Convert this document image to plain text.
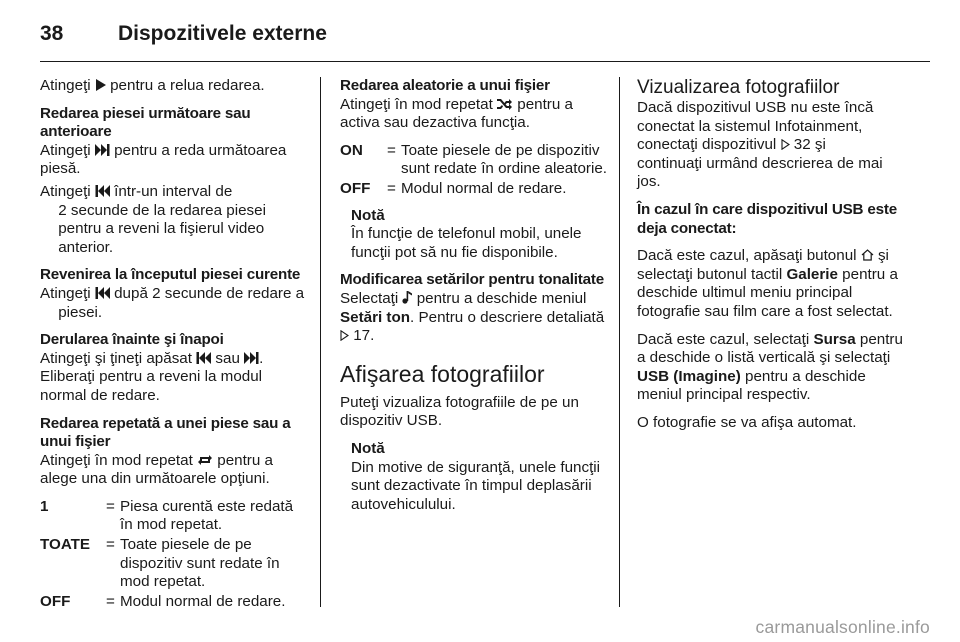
38	Dispozitivele externe

Atingeţi
pentru a relua redarea.

Redarea piesei următoare sau anterioare

Atingeţi
pentru a reda următoarea piesă.

Atingeţi
într-un interval de
2 secunde de la redarea piesei pentru a reveni la fişierul video anterior.

Revenirea la începutul piesei curente

Atingeţi
după 2 secunde de redare a piesei.

Derularea înainte şi înapoi

Atingeţi şi ţineţi apăsat
sau
.
Eliberaţi pentru a reveni la modul normal de redare.

Redarea repetată a unei piese sau a unui fişier

Atingeţi în mod repetat
pentru a alege una din următoarele opţiuni.

1	= Piesa curentă este redată în mod repetat.
TOATE	= Toate piesele de pe dispozitiv sunt redate în mod repetat.
OFF	= Modul normal de redare.
Redarea aleatorie a unui fişier

Atingeţi în mod repetat
pentru a activa sau dezactiva funcţia.

ON	= Toate piesele de pe dispozitiv sunt redate în ordine aleatorie.
OFF	= Modul normal de redare.
Notă
În funcţie de telefonul mobil, unele funcţii pot să nu fie disponibile.
Modificarea setărilor pentru tonalitate

Selectaţi
pentru a deschide meniul Setări ton. Pentru o descriere detaliată
17.

Afişarea fotografiilor

Puteţi vizualiza fotografiile de pe un dispozitiv USB.

Notă
Din motive de siguranţă, unele funcţii sunt dezactivate în timpul deplasării autovehiculului.
Vizualizarea fotografiilor

Dacă dispozitivul USB nu este încă conectat la sistemul Infotainment, conectaţi dispozitivul
32 şi
continuaţi urmând descrierea de mai jos.

În cazul în care dispozitivul USB este deja conectat:

Dacă este cazul, apăsaţi butonul
şi selectaţi butonul tactil Galerie pentru a deschide ultimul meniu principal fotografie sau film care a fost selectat.

Dacă este cazul, selectaţi Sursa pentru a deschide o listă verticală şi selectaţi USB (Imagine) pentru a deschide meniul principal respectiv.

O fotografie se va afişa automat.

carmanualsonline.info
